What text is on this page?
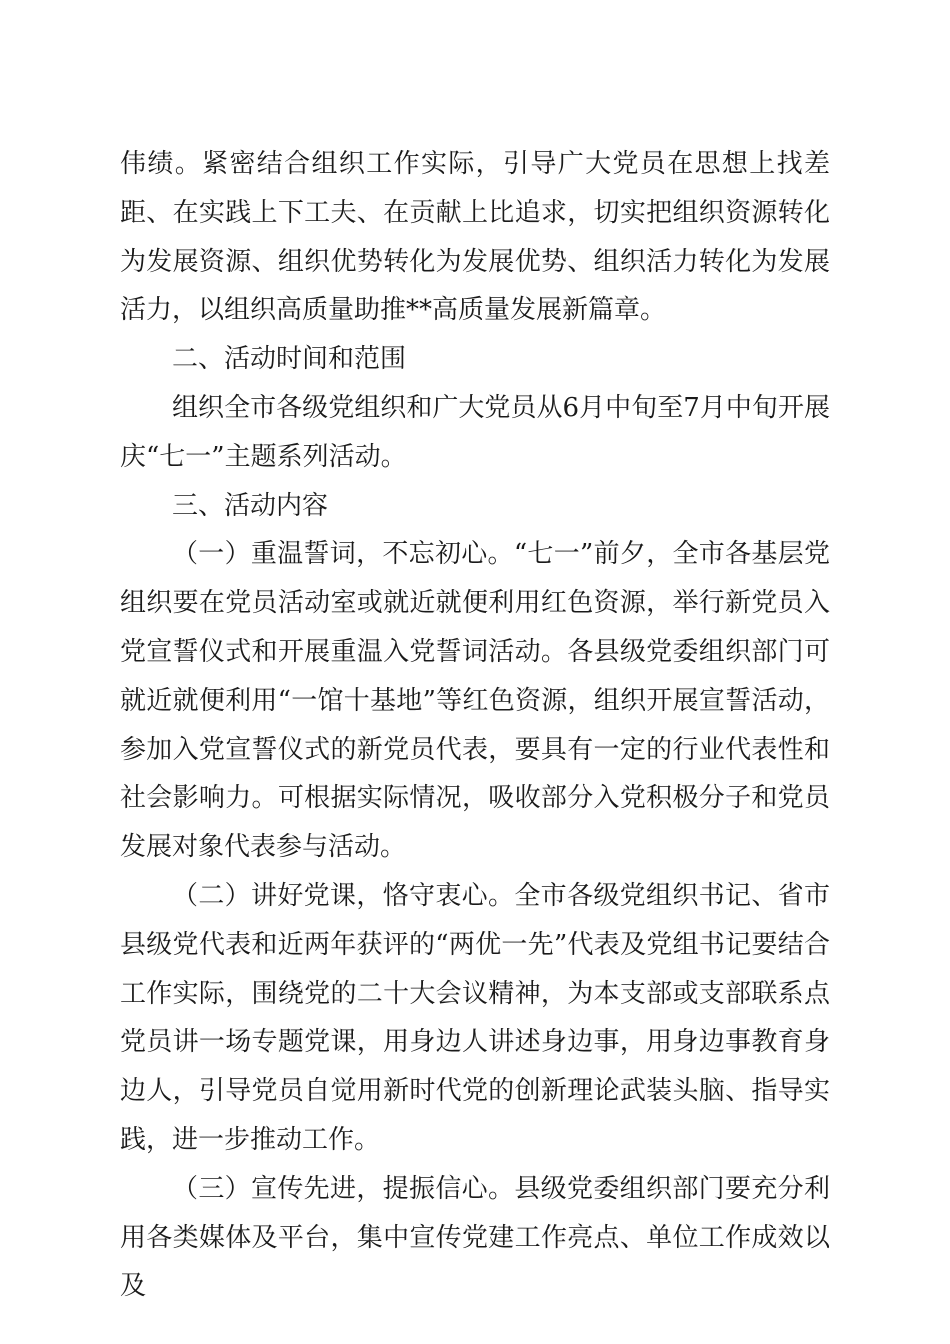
伟绩。紧密结合组织工作实际，引导广大党员在思想上找差距、在实践上下工夫、在贡献上比追求，切实把组织资源转化为发展资源、组织优势转化为发展优势、组织活力转化为发展活力，以组织高质量助推**高质量发展新篇章。

二、活动时间和范围

组织全市各级党组织和广大党员从6月中旬至7月中旬开展庆“七一”主题系列活动。

三、活动内容

（一）重温誓词，不忘初心。“七一”前夕，全市各基层党组织要在党员活动室或就近就便利用红色资源，举行新党员入党宣誓仪式和开展重温入党誓词活动。各县级党委组织部门可就近就便利用“一馆十基地”等红色资源，组织开展宣誓活动，参加入党宣誓仪式的新党员代表，要具有一定的行业代表性和社会影响力。可根据实际情况，吸收部分入党积极分子和党员发展对象代表参与活动。

（二）讲好党课，恪守衷心。全市各级党组织书记、省市县级党代表和近两年获评的“两优一先”代表及党组书记要结合工作实际，围绕党的二十大会议精神，为本支部或支部联系点党员讲一场专题党课，用身边人讲述身边事，用身边事教育身边人，引导党员自觉用新时代党的创新理论武装头脑、指导实践，进一步推动工作。

（三）宣传先进，提振信心。县级党委组织部门要充分利用各类媒体及平台，集中宣传党建工作亮点、单位工作成效以及
